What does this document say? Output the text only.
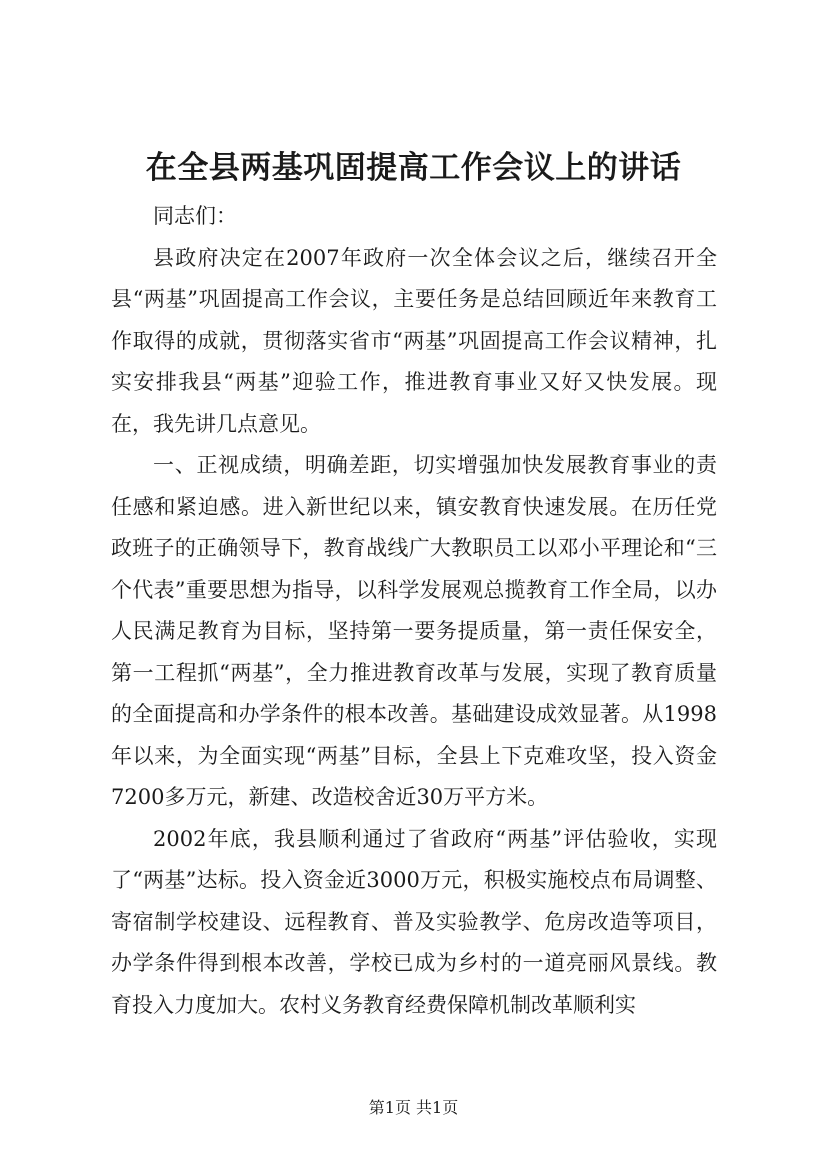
在全县两基巩固提高工作会议上的讲话

同志们：

县政府决定在2007年政府一次全体会议之后，继续召开全县“两基”巩固提高工作会议，主要任务是总结回顾近年来教育工作取得的成就，贯彻落实省市“两基”巩固提高工作会议精神，扎实安排我县“两基”迎验工作，推进教育事业又好又快发展。现在，我先讲几点意见。

一、正视成绩，明确差距，切实增强加快发展教育事业的责任感和紧迫感。进入新世纪以来，镇安教育快速发展。在历任党政班子的正确领导下，教育战线广大教职员工以邓小平理论和“三个代表”重要思想为指导，以科学发展观总揽教育工作全局，以办人民满足教育为目标，坚持第一要务提质量，第一责任保安全，第一工程抓“两基”，全力推进教育改革与发展，实现了教育质量的全面提高和办学条件的根本改善。基础建设成效显著。从1998年以来，为全面实现“两基”目标，全县上下克难攻坚，投入资金7200多万元，新建、改造校舍近30万平方米。

2002年底，我县顺利通过了省政府“两基”评估验收，实现了“两基”达标。投入资金近3000万元，积极实施校点布局调整、寄宿制学校建设、远程教育、普及实验教学、危房改造等项目，办学条件得到根本改善，学校已成为乡村的一道亮丽风景线。教育投入力度加大。农村义务教育经费保障机制改革顺利实

第1页 共1页
